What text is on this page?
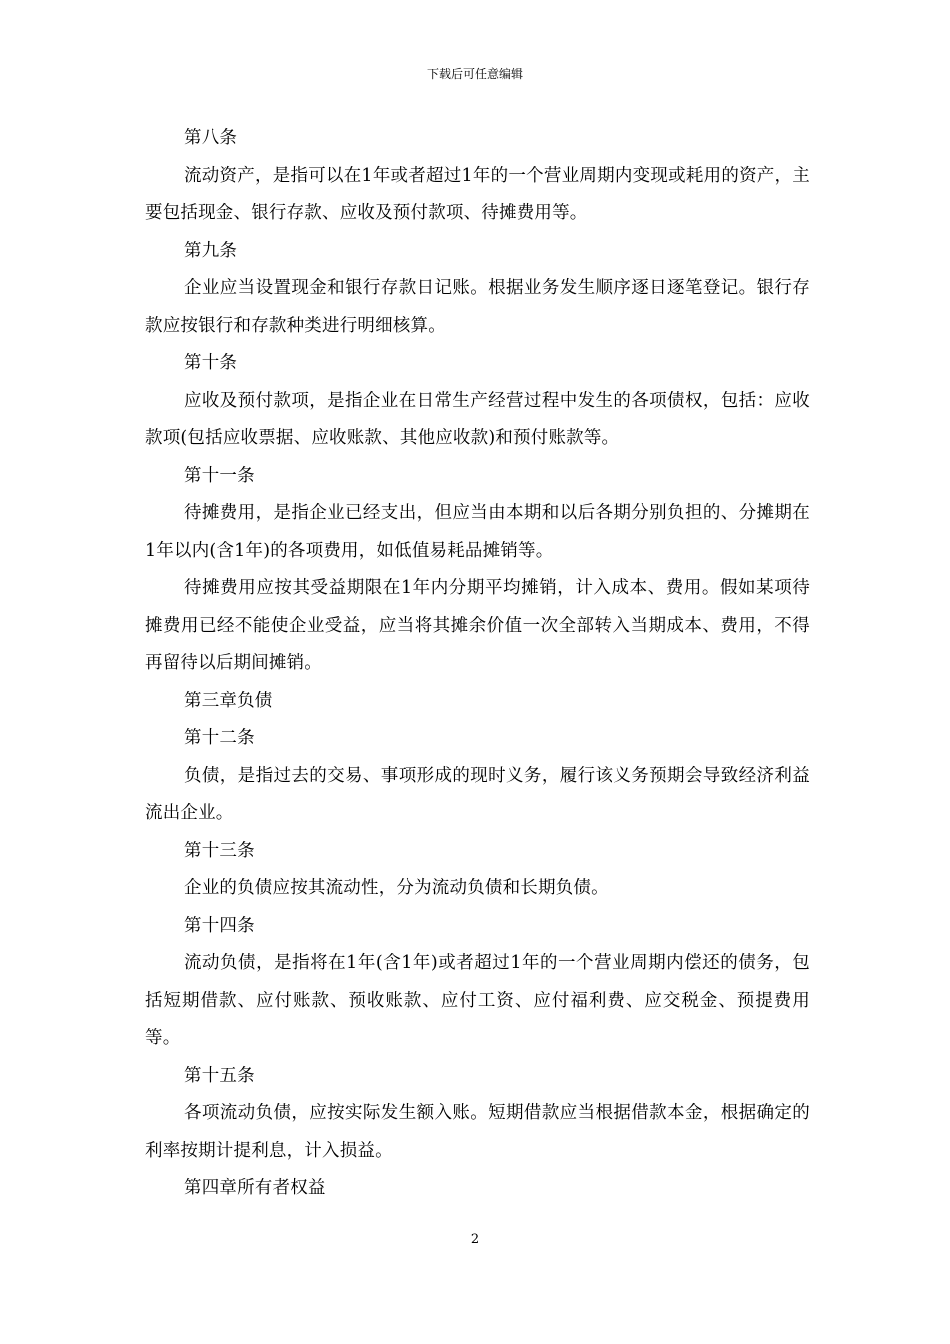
下载后可任意编辑

第八条

流动资产，是指可以在1年或者超过1年的一个营业周期内变现或耗用的资产，主要包括现金、银行存款、应收及预付款项、待摊费用等。

第九条

企业应当设置现金和银行存款日记账。根据业务发生顺序逐日逐笔登记。银行存款应按银行和存款种类进行明细核算。

第十条

应收及预付款项，是指企业在日常生产经营过程中发生的各项债权，包括：应收款项(包括应收票据、应收账款、其他应收款)和预付账款等。

第十一条

待摊费用，是指企业已经支出，但应当由本期和以后各期分别负担的、分摊期在1年以内(含1年)的各项费用，如低值易耗品摊销等。

待摊费用应按其受益期限在1年内分期平均摊销，计入成本、费用。假如某项待摊费用已经不能使企业受益，应当将其摊余价值一次全部转入当期成本、费用，不得再留待以后期间摊销。

第三章负债

第十二条

负债，是指过去的交易、事项形成的现时义务，履行该义务预期会导致经济利益流出企业。

第十三条

企业的负债应按其流动性，分为流动负债和长期负债。

第十四条

流动负债，是指将在1年(含1年)或者超过1年的一个营业周期内偿还的债务，包括短期借款、应付账款、预收账款、应付工资、应付福利费、应交税金、预提费用等。

第十五条

各项流动负债，应按实际发生额入账。短期借款应当根据借款本金，根据确定的利率按期计提利息，计入损益。

第四章所有者权益

2
